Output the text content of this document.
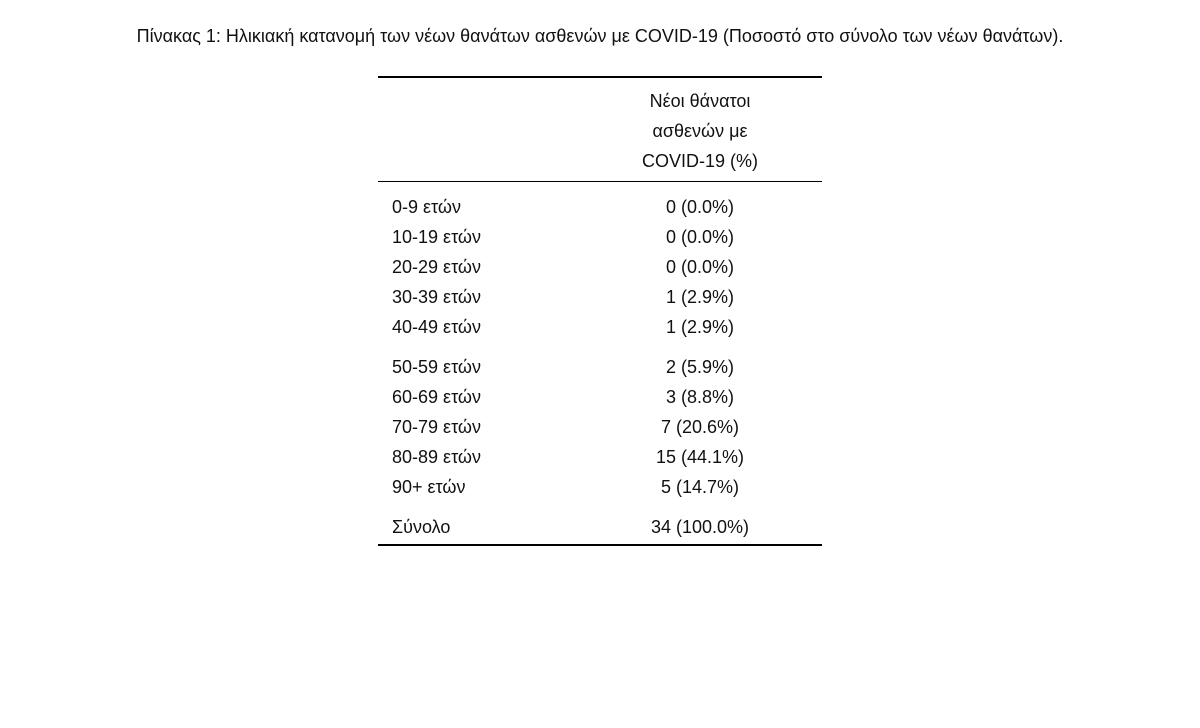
Πίνακας 1: Ηλικιακή κατανομή των νέων θανάτων ασθενών με COVID-19 (Ποσοστό στο σύνολο των νέων θανάτων).
Νέοι θάνατοι
ασθενών με
COVID-19 (%)
0-9 ετών	0 (0.0%)
10-19 ετών	0 (0.0%)
20-29 ετών	0 (0.0%)
30-39 ετών	1 (2.9%)
40-49 ετών	1 (2.9%)
50-59 ετών	2 (5.9%)
60-69 ετών	3 (8.8%)
70-79 ετών	7 (20.6%)
80-89 ετών	15 (44.1%)
90+ ετών	5 (14.7%)
Σύνολο	34 (100.0%)
